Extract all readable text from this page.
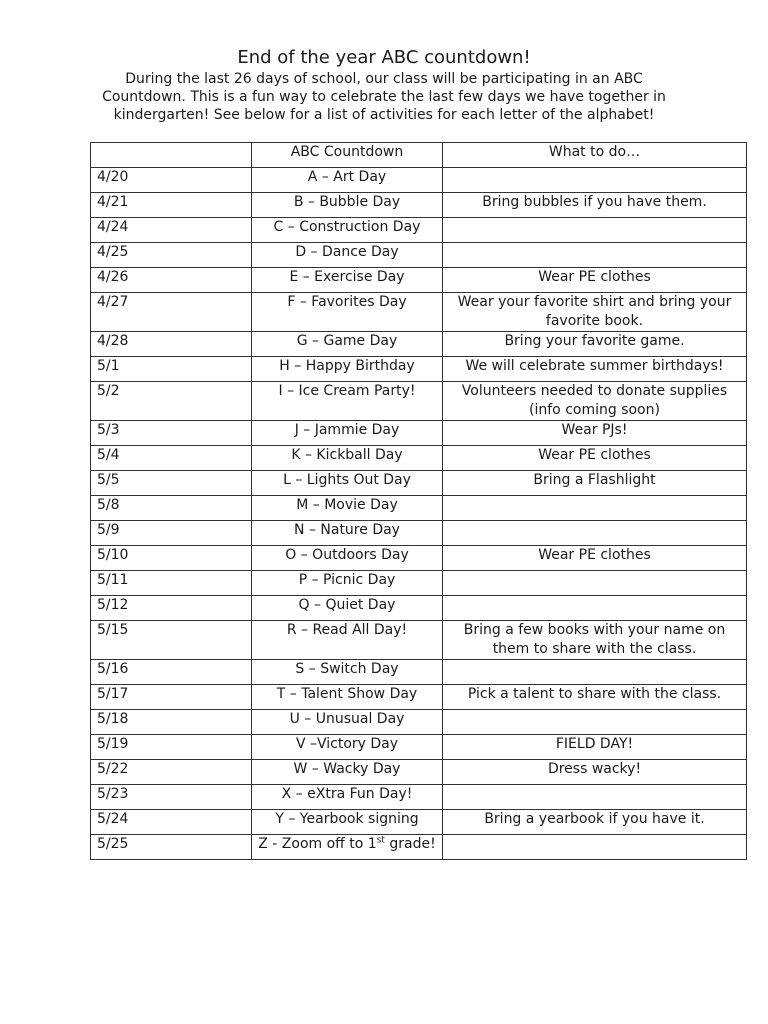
End of the year ABC countdown!

During the last 26 days of school, our class will be participating in an ABC Countdown. This is a fun way to celebrate the last few days we have together in kindergarten! See below for a list of activities for each letter of the alphabet!

	ABC Countdown	What to do…
4/20	A – Art Day	
4/21	B – Bubble Day	Bring bubbles if you have them.
4/24	C – Construction Day	
4/25	D – Dance Day	
4/26	E – Exercise Day	Wear PE clothes
4/27	F – Favorites Day	Wear your favorite shirt and bring your favorite book.
4/28	G – Game Day	Bring your favorite game.
5/1	H – Happy Birthday	We will celebrate summer birthdays!
5/2	I – Ice Cream Party!	Volunteers needed to donate supplies (info coming soon)
5/3	J – Jammie Day	Wear PJs!
5/4	K – Kickball Day	Wear PE clothes
5/5	L – Lights Out Day	Bring a Flashlight
5/8	M – Movie Day	
5/9	N – Nature Day	
5/10	O – Outdoors Day	Wear PE clothes
5/11	P – Picnic Day	
5/12	Q – Quiet Day	
5/15	R – Read All Day!	Bring a few books with your name on them to share with the class.
5/16	S – Switch Day	
5/17	T – Talent Show Day	Pick a talent to share with the class.
5/18	U – Unusual Day	
5/19	V –Victory Day	FIELD DAY!
5/22	W – Wacky Day	Dress wacky!
5/23	X – eXtra Fun Day!	
5/24	Y – Yearbook signing	Bring a yearbook if you have it.
5/25	Z - Zoom off to 1st grade!	
